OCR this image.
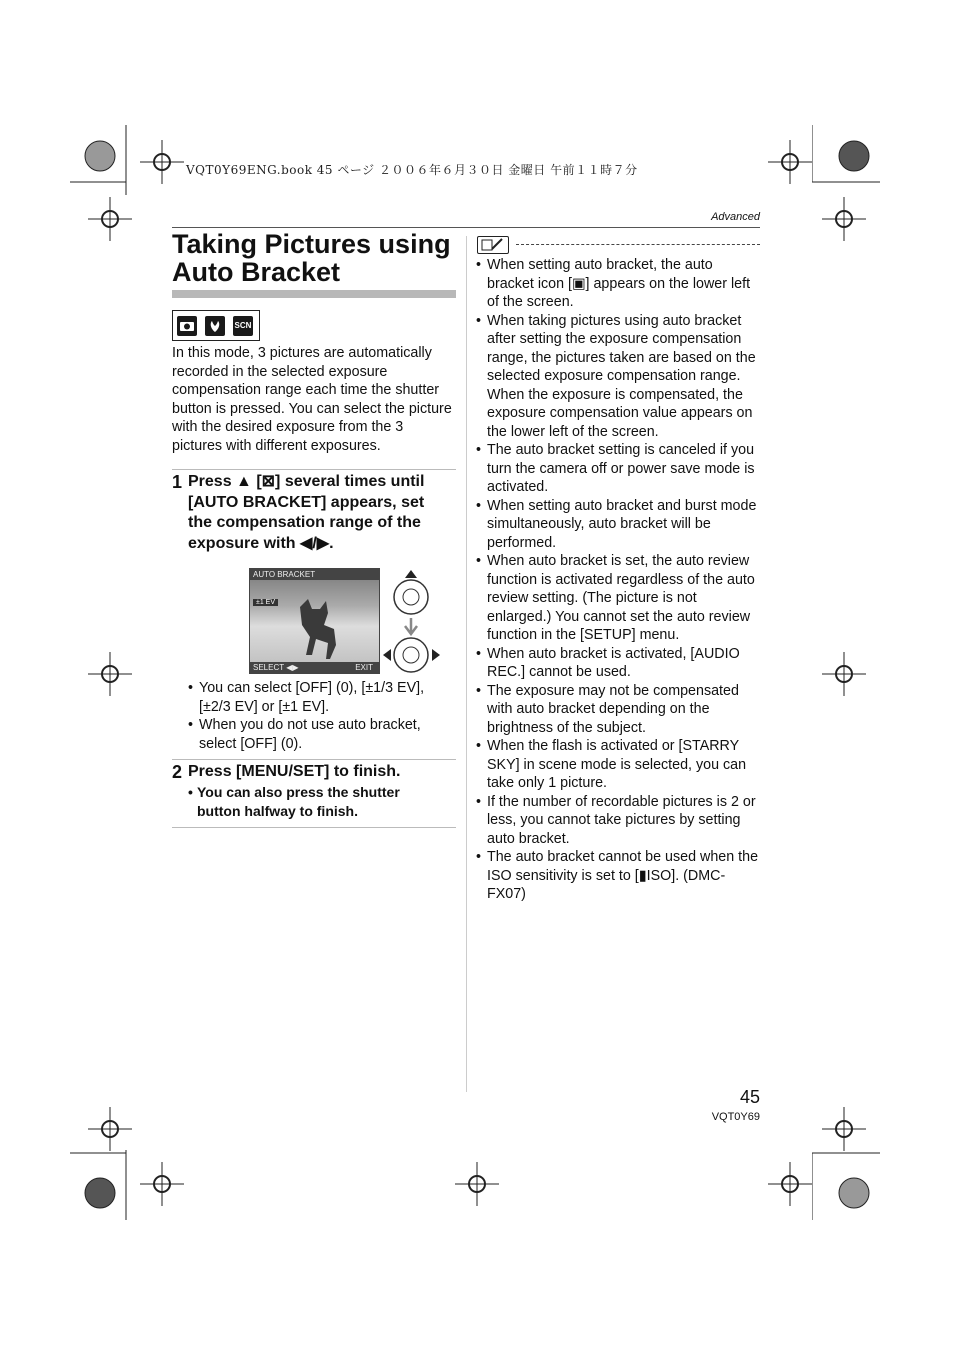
VQT0Y69ENG.book 45 ページ ２００６年６月３０日 金曜日 午前１１時７分
Advanced
Taking Pictures using Auto Bracket
SCN
In this mode, 3 pictures are automatically recorded in the selected exposure compensation range each time the shutter button is pressed. You can select the picture with the desired exposure from the 3 pictures with different exposures.
1 Press ▲ [⊠] several times until [AUTO BRACKET] appears, set the compensation range of the exposure with ◀/▶.
AUTO BRACKET
±1 EV
SELECT ◀▶	EXIT
• You can select [OFF] (0), [±1/3 EV], [±2/3 EV] or [±1 EV].
• When you do not use auto bracket, select [OFF] (0).
2 Press [MENU/SET] to finish.
• You can also press the shutter button halfway to finish.
• When setting auto bracket, the auto bracket icon [▣] appears on the lower left of the screen.
• When taking pictures using auto bracket after setting the exposure compensation range, the pictures taken are based on the selected exposure compensation range. When the exposure is compensated, the exposure compensation value appears on the lower left of the screen.
• The auto bracket setting is canceled if you turn the camera off or power save mode is activated.
• When setting auto bracket and burst mode simultaneously, auto bracket will be performed.
• When auto bracket is set, the auto review function is activated regardless of the auto review setting. (The picture is not enlarged.) You cannot set the auto review function in the [SETUP] menu.
• When auto bracket is activated, [AUDIO REC.] cannot be used.
• The exposure may not be compensated with auto bracket depending on the brightness of the subject.
• When the flash is activated or [STARRY SKY] in scene mode is selected, you can take only 1 picture.
• If the number of recordable pictures is 2 or less, you cannot take pictures by setting auto bracket.
• The auto bracket cannot be used when the ISO sensitivity is set to [▮ISO]. (DMC-FX07)
45
VQT0Y69
